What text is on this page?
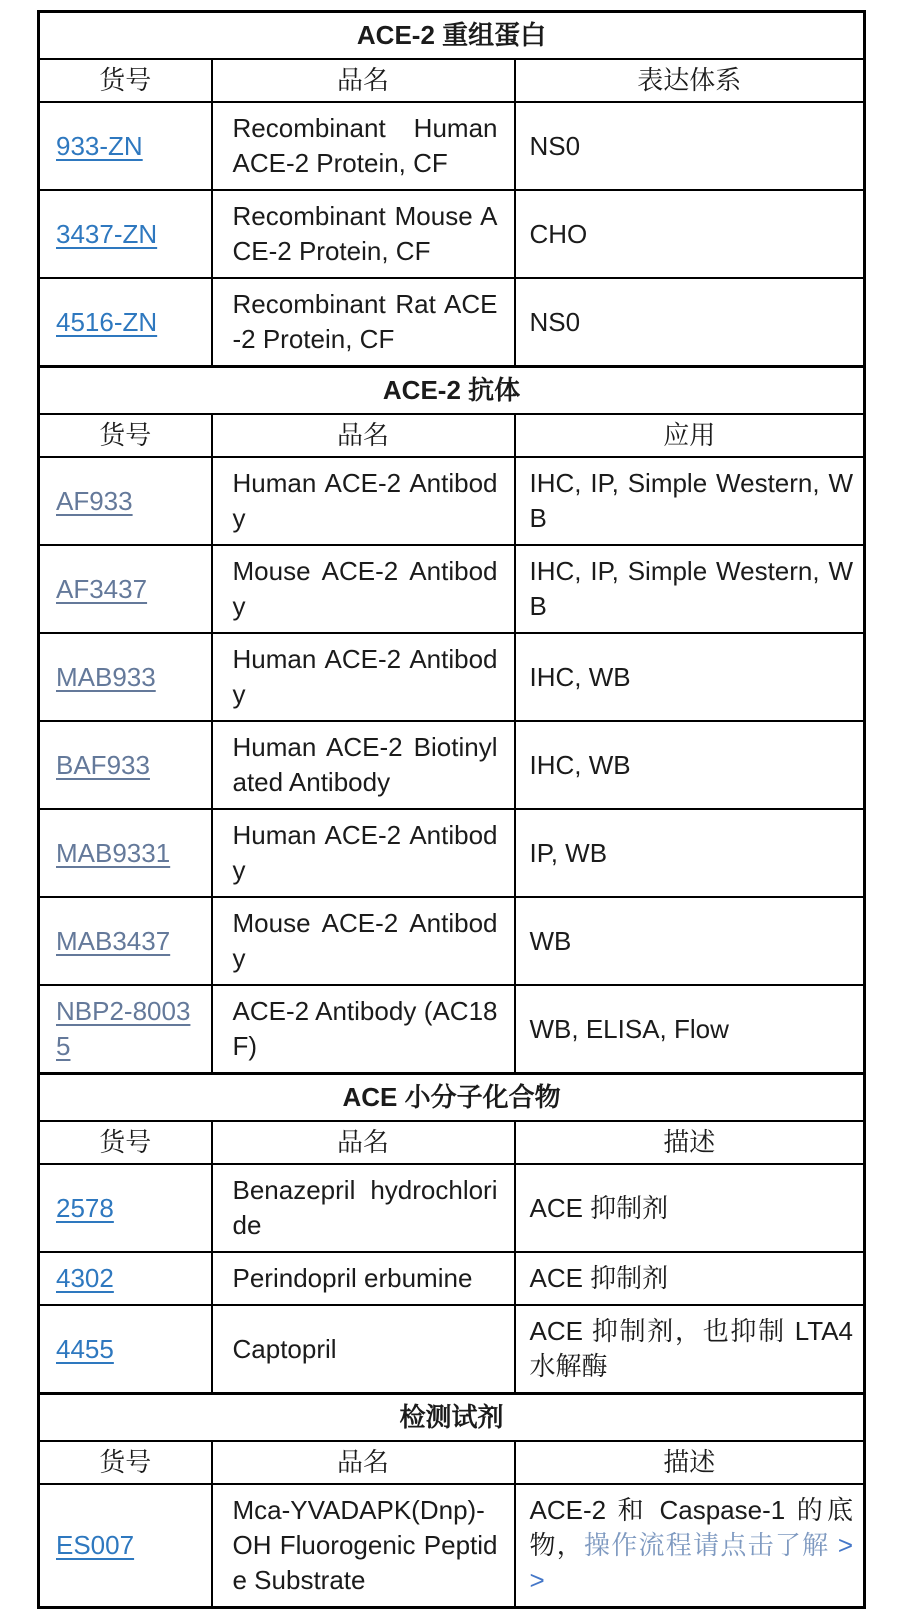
ACE-2 重组蛋白		
货号	品名	表达体系
933-ZN	Recombinant Human ACE-2 Protein, CF	NS0
3437-ZN	Recombinant Mouse ACE-2 Protein, CF	CHO
4516-ZN	Recombinant Rat ACE-2 Protein, CF	NS0
ACE-2 抗体		
货号	品名	应用
AF933	Human ACE-2 Antibody	IHC, IP, Simple Western, WB
AF3437	Mouse ACE-2 Antibody	IHC, IP, Simple Western, WB
MAB933	Human ACE-2 Antibody	IHC, WB
BAF933	Human ACE-2 Biotinylated Antibody	IHC, WB
MAB9331	Human ACE-2 Antibody	IP, WB
MAB3437	Mouse ACE-2 Antibody	WB
NBP2-80035	ACE-2 Antibody (AC18F)	WB, ELISA, Flow
ACE 小分子化合物		
货号	品名	描述
2578	Benazepril hydrochloride	ACE 抑制剂
4302	Perindopril erbumine	ACE 抑制剂
4455	Captopril	ACE 抑制剂，也抑制 LTA4 水解酶
检测试剂		
货号	品名	描述
ES007	Mca-YVADAPK(Dnp)-OH Fluorogenic Peptide Substrate	ACE-2 和 Caspase-1 的底物，操作流程请点击了解 >>
